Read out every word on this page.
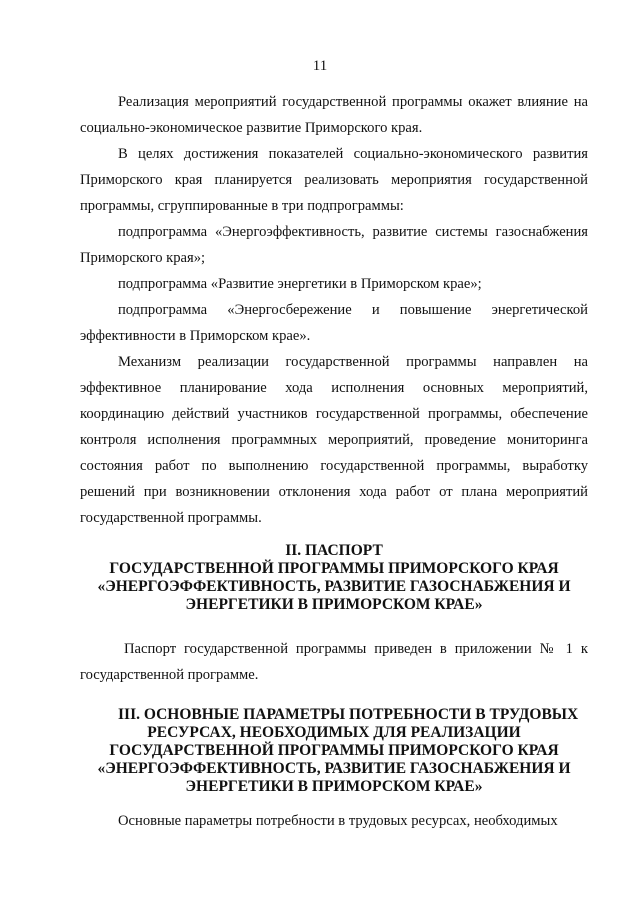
11

Реализация мероприятий государственной программы окажет влияние на социально-экономическое развитие Приморского края.

В целях достижения показателей социально-экономического развития Приморского края планируется реализовать мероприятия государственной программы, сгруппированные в три подпрограммы:

подпрограмма «Энергоэффективность, развитие системы газоснабжения Приморского края»;

подпрограмма «Развитие энергетики в Приморском крае»;

подпрограмма «Энергосбережение и повышение энергетической эффективности в Приморском крае».

Механизм реализации государственной программы направлен на эффективное планирование хода исполнения основных мероприятий, координацию действий участников государственной программы, обеспечение контроля исполнения программных мероприятий, проведение мониторинга состояния работ по выполнению государственной программы, выработку решений при возникновении отклонения хода работ от плана мероприятий государственной программы.

II. ПАСПОРТ
ГОСУДАРСТВЕННОЙ ПРОГРАММЫ ПРИМОРСКОГО КРАЯ
«ЭНЕРГОЭФФЕКТИВНОСТЬ, РАЗВИТИЕ ГАЗОСНАБЖЕНИЯ И
ЭНЕРГЕТИКИ В ПРИМОРСКОМ КРАЕ»

Паспорт государственной программы приведен в приложении № 1 к государственной программе.

III. ОСНОВНЫЕ ПАРАМЕТРЫ ПОТРЕБНОСТИ В ТРУДОВЫХ
РЕСУРСАХ, НЕОБХОДИМЫХ ДЛЯ РЕАЛИЗАЦИИ
ГОСУДАРСТВЕННОЙ ПРОГРАММЫ ПРИМОРСКОГО КРАЯ
«ЭНЕРГОЭФФЕКТИВНОСТЬ, РАЗВИТИЕ ГАЗОСНАБЖЕНИЯ И
ЭНЕРГЕТИКИ В ПРИМОРСКОМ КРАЕ»

Основные параметры потребности в трудовых ресурсах, необходимых
